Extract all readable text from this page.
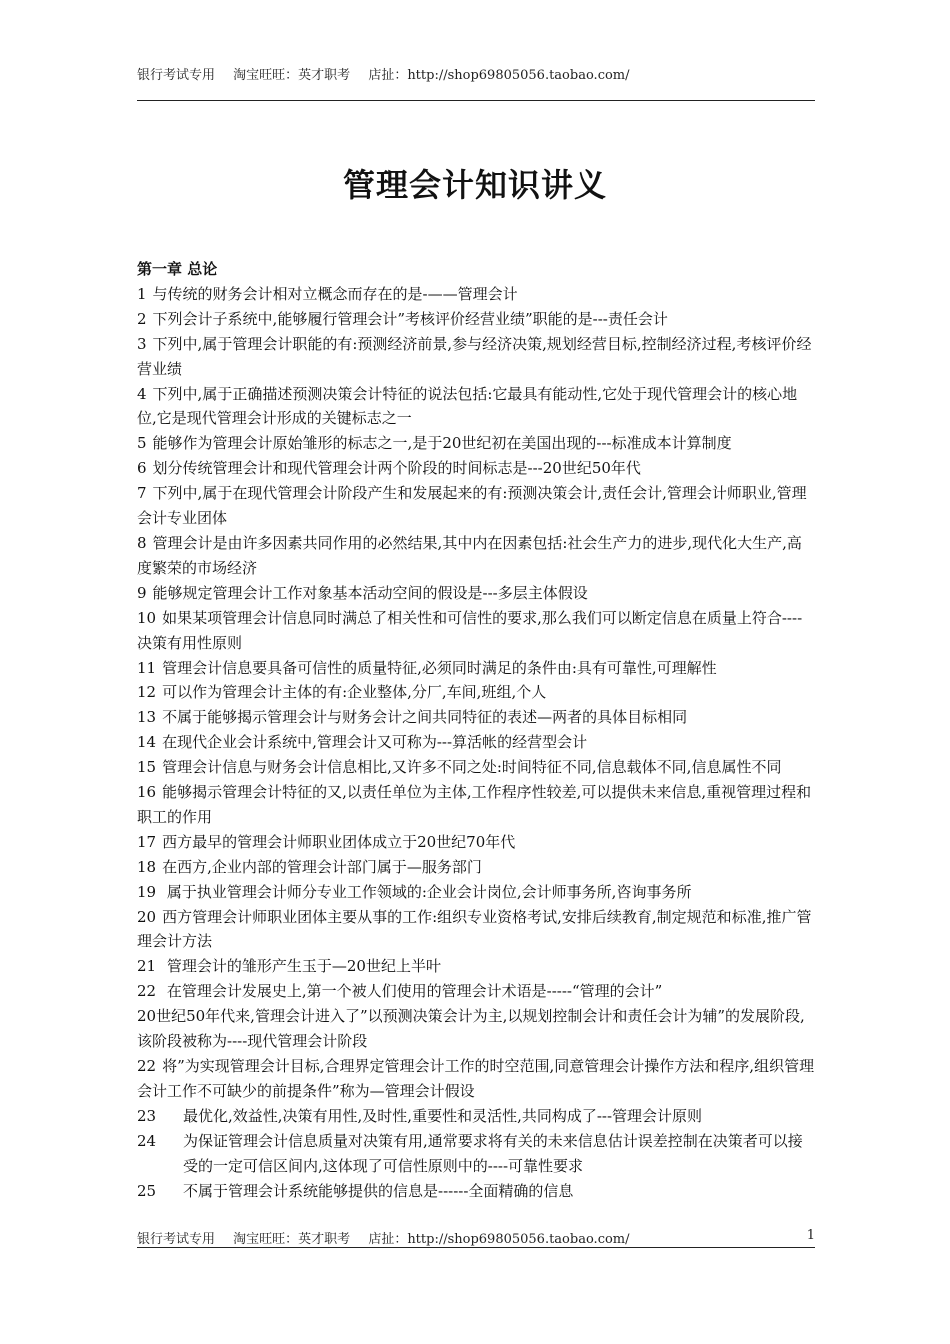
银行考试专用 淘宝旺旺：英才职考 店扯：http://shop69805056.taobao.com/
管理会计知识讲义
第一章 总论

1 与传统的财务会计相对立概念而存在的是-——管理会计

2 下列会计子系统中,能够履行管理会计”考核评价经营业绩”职能的是---责任会计

3 下列中,属于管理会计职能的有:预测经济前景,参与经济决策,规划经营目标,控制经济过程,考核评价经营业绩

4 下列中,属于正确描述预测决策会计特征的说法包括:它最具有能动性,它处于现代管理会计的核心地位,它是现代管理会计形成的关键标志之一

5 能够作为管理会计原始雏形的标志之一,是于20世纪初在美国出现的---标准成本计算制度

6 划分传统管理会计和现代管理会计两个阶段的时间标志是---20世纪50年代

7 下列中,属于在现代管理会计阶段产生和发展起来的有:预测决策会计,责任会计,管理会计师职业,管理会计专业团体

8 管理会计是由许多因素共同作用的必然结果,其中内在因素包括:社会生产力的进步,现代化大生产,高度繁荣的市场经济

9 能够规定管理会计工作对象基本活动空间的假设是---多层主体假设

10 如果某项管理会计信息同时满总了相关性和可信性的要求,那么我们可以断定信息在质量上符合----决策有用性原则

11 管理会计信息要具备可信性的质量特征,必须同时满足的条件由:具有可靠性,可理解性

12 可以作为管理会计主体的有:企业整体,分厂,车间,班组,个人

13 不属于能够揭示管理会计与财务会计之间共同特征的表述—两者的具体目标相同

14 在现代企业会计系统中,管理会计又可称为---算活帐的经营型会计

15 管理会计信息与财务会计信息相比,又许多不同之处:时间特征不同,信息载体不同,信息属性不同

16 能够揭示管理会计特征的又,以责任单位为主体,工作程序性较差,可以提供未来信息,重视管理过程和职工的作用

17 西方最早的管理会计师职业团体成立于20世纪70年代

18 在西方,企业内部的管理会计部门属于—服务部门

19 属于执业管理会计师分专业工作领域的:企业会计岗位,会计师事务所,咨询事务所

20 西方管理会计师职业团体主要从事的工作:组织专业资格考试,安排后续教育,制定规范和标准,推广管理会计方法

21 管理会计的雏形产生玉于—20世纪上半叶

22 在管理会计发展史上,第一个被人们使用的管理会计术语是-----“管理的会计”

20世纪50年代来,管理会计进入了”以预测决策会计为主,以规划控制会计和责任会计为辅”的发展阶段,该阶段被称为----现代管理会计阶段

22 将”为实现管理会计目标,合理界定管理会计工作的时空范围,同意管理会计操作方法和程序,组织管理会计工作不可缺少的前提条件”称为—管理会计假设

23	最优化,效益性,决策有用性,及时性,重要性和灵活性,共同构成了---管理会计原则
24	为保证管理会计信息质量对决策有用,通常要求将有关的未来信息估计误差控制在决策者可以接受的一定可信区间内,这体现了可信性原则中的----可靠性要求
25	不属于管理会计系统能够提供的信息是------全面精确的信息
银行考试专用 淘宝旺旺：英才职考 店扯：http://shop69805056.taobao.com/	1
